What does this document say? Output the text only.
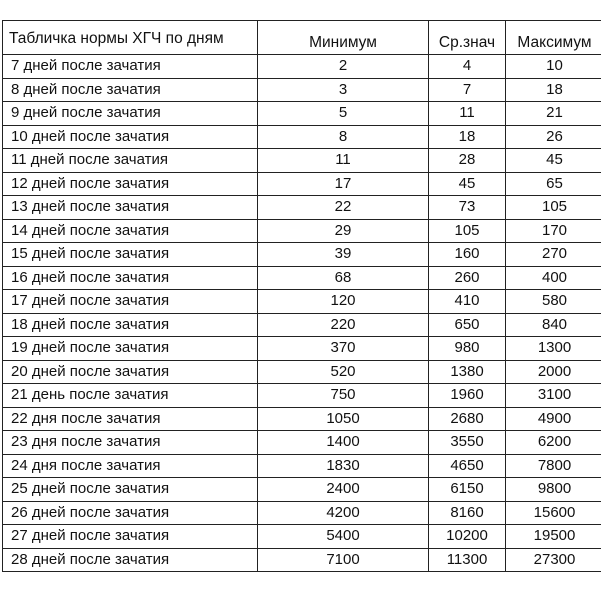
Табличка нормы ХГЧ по дням	Минимум	Ср.знач	Максимум
7 дней после зачатия	2	4	10
8 дней после зачатия	3	7	18
9 дней после зачатия	5	11	21
10 дней после зачатия	8	18	26
11 дней после зачатия	11	28	45
12 дней после зачатия	17	45	65
13 дней после зачатия	22	73	105
14 дней после зачатия	29	105	170
15 дней после зачатия	39	160	270
16 дней после зачатия	68	260	400
17 дней после зачатия	120	410	580
18 дней после зачатия	220	650	840
19 дней после зачатия	370	980	1300
20 дней после зачатия	520	1380	2000
21 день после зачатия	750	1960	3100
22 дня после зачатия	1050	2680	4900
23 дня после зачатия	1400	3550	6200
24 дня после зачатия	1830	4650	7800
25 дней после зачатия	2400	6150	9800
26 дней после зачатия	4200	8160	15600
27 дней после зачатия	5400	10200	19500
28 дней после зачатия	7100	11300	27300
